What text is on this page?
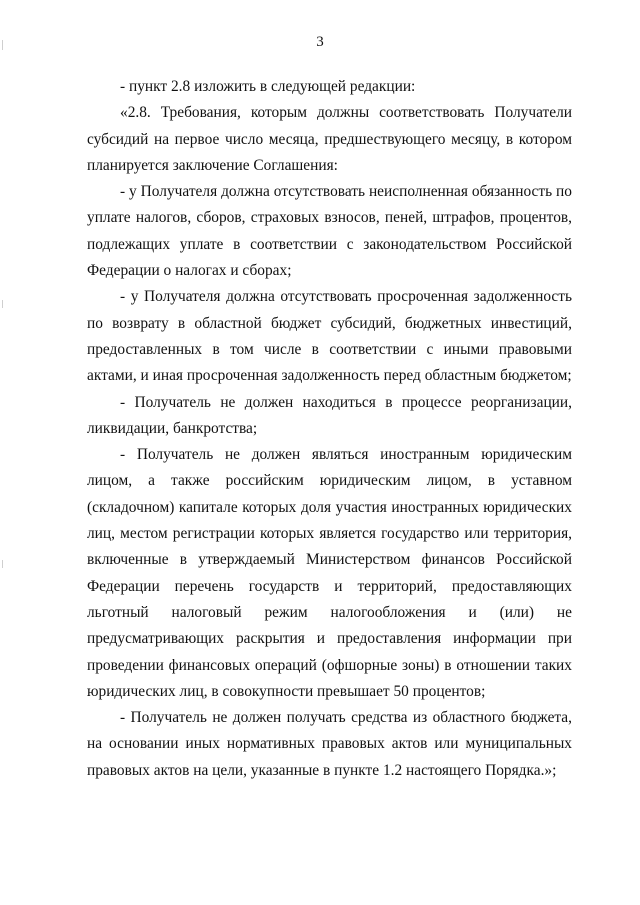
3

- пункт 2.8 изложить в следующей редакции:

«2.8. Требования, которым должны соответствовать Получатели субсидий на первое число месяца, предшествующего месяцу, в котором планируется заключение Соглашения:

- у Получателя должна отсутствовать неисполненная обязанность по уплате налогов, сборов, страховых взносов, пеней, штрафов, процентов, подлежащих уплате в соответствии с законодательством Российской Федерации о налогах и сборах;

- у Получателя должна отсутствовать просроченная задолженность по возврату в областной бюджет субсидий, бюджетных инвестиций, предоставленных в том числе в соответствии с иными правовыми актами, и иная просроченная задолженность перед областным бюджетом;

- Получатель не должен находиться в процессе реорганизации, ликвидации, банкротства;

- Получатель не должен являться иностранным юридическим лицом, а также российским юридическим лицом, в уставном (складочном) капитале которых доля участия иностранных юридических лиц, местом регистрации которых является государство или территория, включенные в утверждаемый Министерством финансов Российской Федерации перечень государств и территорий, предоставляющих льготный налоговый режим налогообложения и (или) не предусматривающих раскрытия и предоставления информации при проведении финансовых операций (офшорные зоны) в отношении таких юридических лиц, в совокупности превышает 50 процентов;

- Получатель не должен получать средства из областного бюджета, на основании иных нормативных правовых актов или муниципальных правовых актов на цели, указанные в пункте 1.2 настоящего Порядка.»;
